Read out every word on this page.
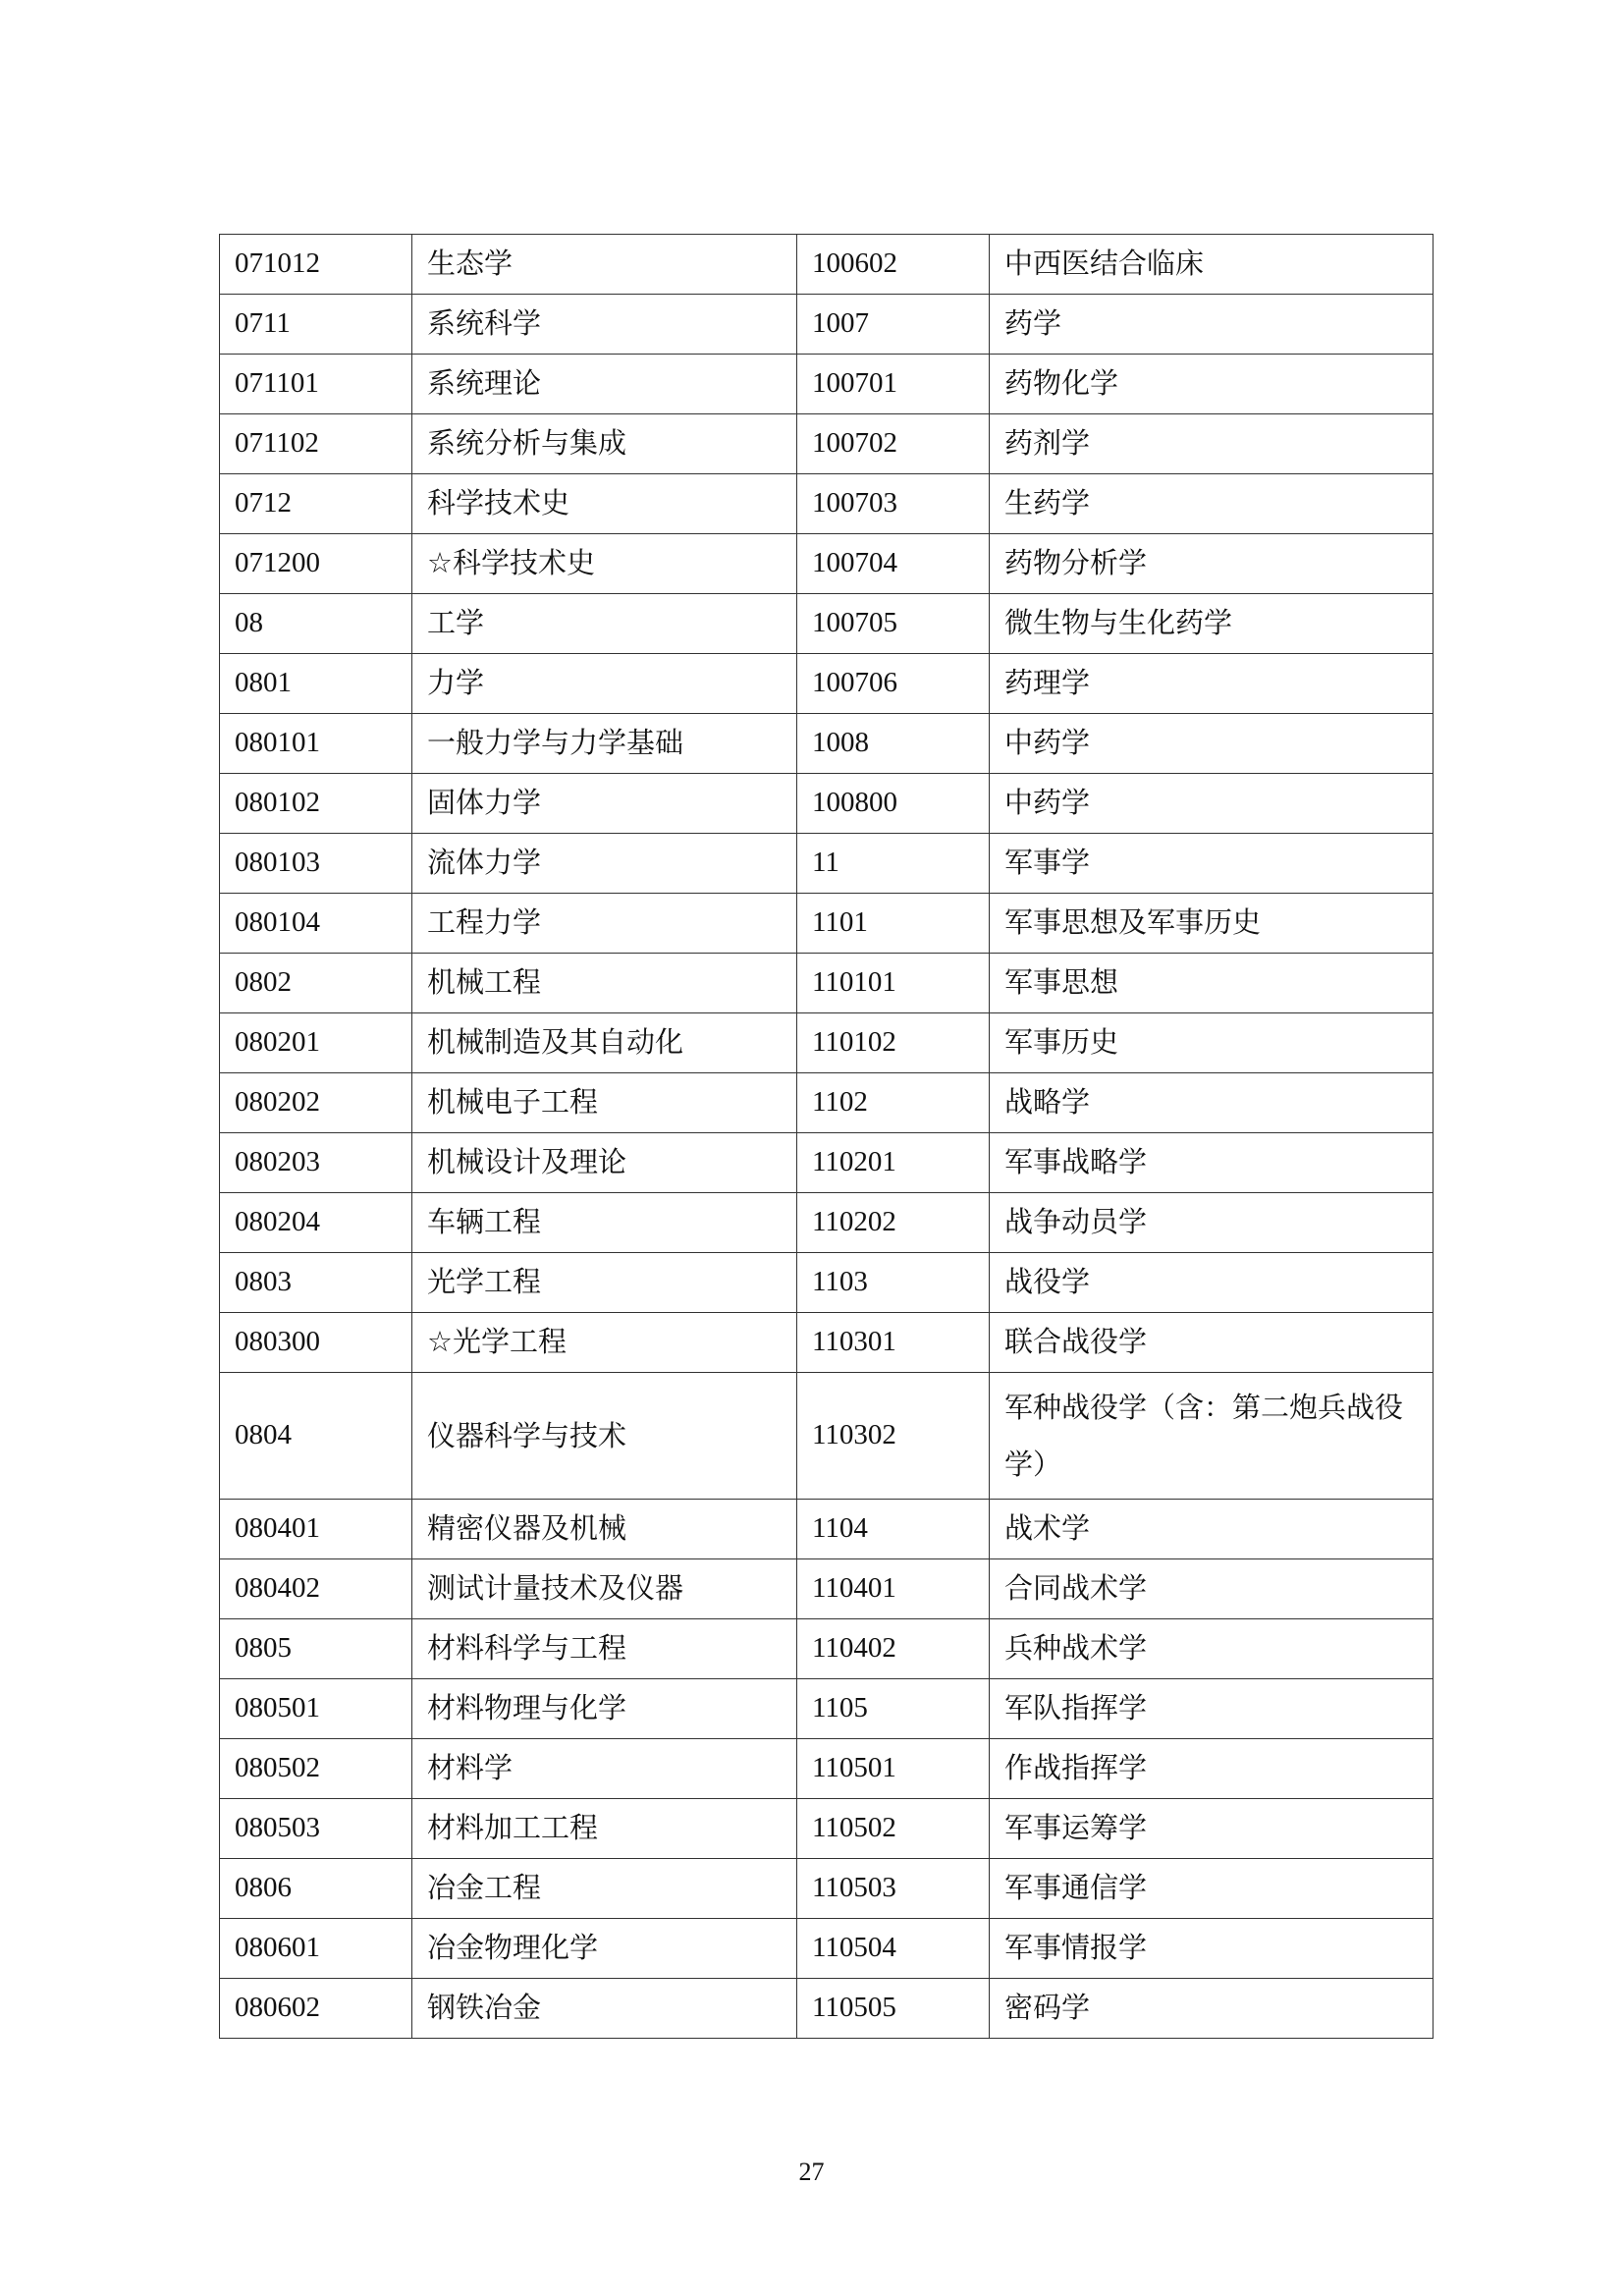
071012	生态学	100602	中西医结合临床
0711	系统科学	1007	药学
071101	系统理论	100701	药物化学
071102	系统分析与集成	100702	药剂学
0712	科学技术史	100703	生药学
071200	☆科学技术史	100704	药物分析学
08	工学	100705	微生物与生化药学
0801	力学	100706	药理学
080101	一般力学与力学基础	1008	中药学
080102	固体力学	100800	中药学
080103	流体力学	11	军事学
080104	工程力学	1101	军事思想及军事历史
0802	机械工程	110101	军事思想
080201	机械制造及其自动化	110102	军事历史
080202	机械电子工程	1102	战略学
080203	机械设计及理论	110201	军事战略学
080204	车辆工程	110202	战争动员学
0803	光学工程	1103	战役学
080300	☆光学工程	110301	联合战役学
0804	仪器科学与技术	110302	军种战役学（含：第二炮兵战役学）
080401	精密仪器及机械	1104	战术学
080402	测试计量技术及仪器	110401	合同战术学
0805	材料科学与工程	110402	兵种战术学
080501	材料物理与化学	1105	军队指挥学
080502	材料学	110501	作战指挥学
080503	材料加工工程	110502	军事运筹学
0806	冶金工程	110503	军事通信学
080601	冶金物理化学	110504	军事情报学
080602	钢铁冶金	110505	密码学
27
